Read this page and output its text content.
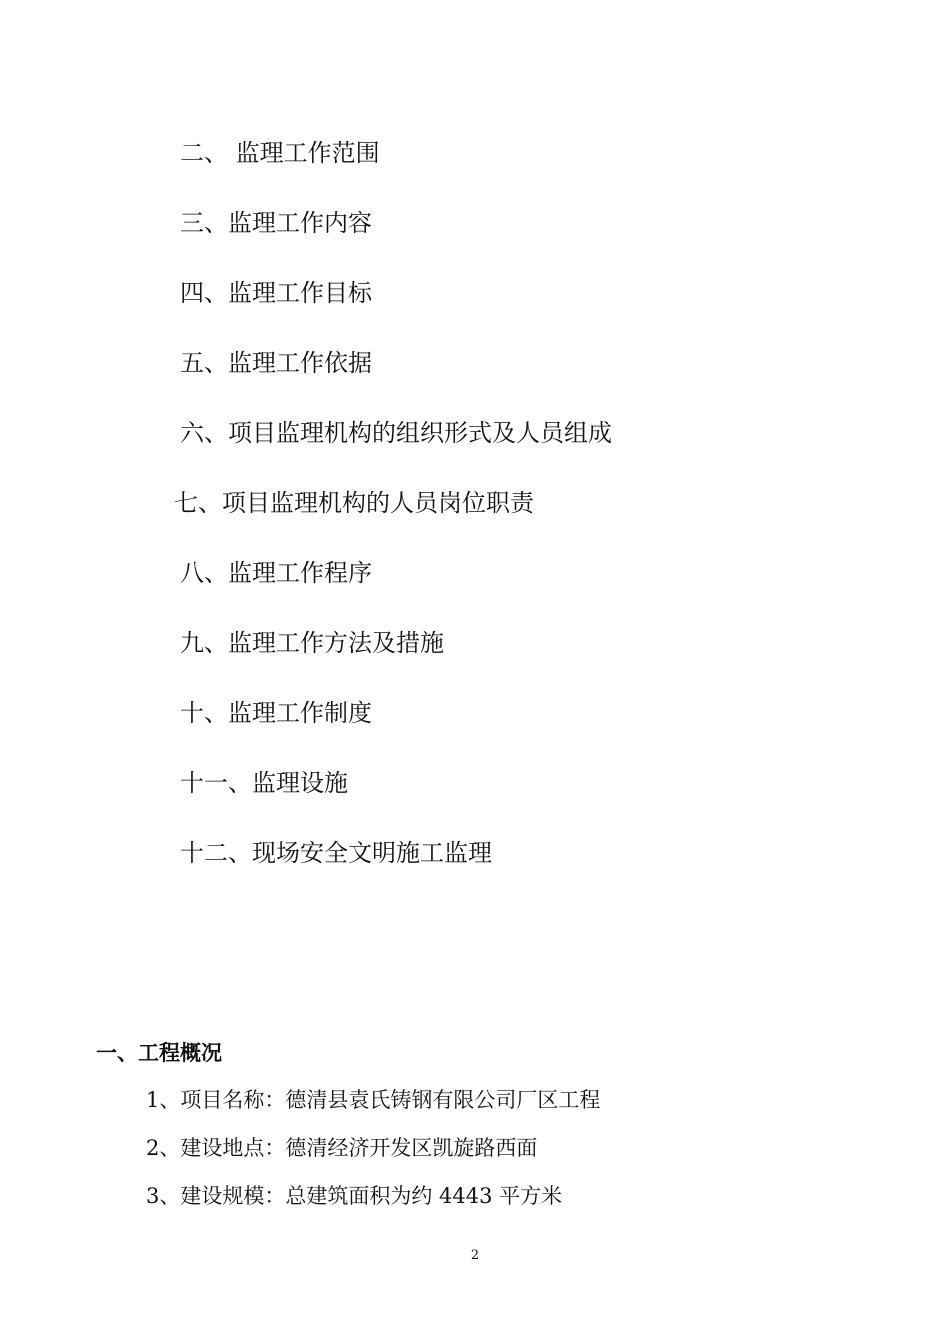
二、 监理工作范围
三、监理工作内容
四、监理工作目标
五、监理工作依据
六、项目监理机构的组织形式及人员组成
七、项目监理机构的人员岗位职责
八、监理工作程序
九、监理工作方法及措施
十、监理工作制度
十一、监理设施
十二、现场安全文明施工监理
一、工程概况
1、项目名称：德清县袁氏铸钢有限公司厂区工程
2、建设地点：德清经济开发区凯旋路西面
3、建设规模：总建筑面积为约 4443 平方米
2
